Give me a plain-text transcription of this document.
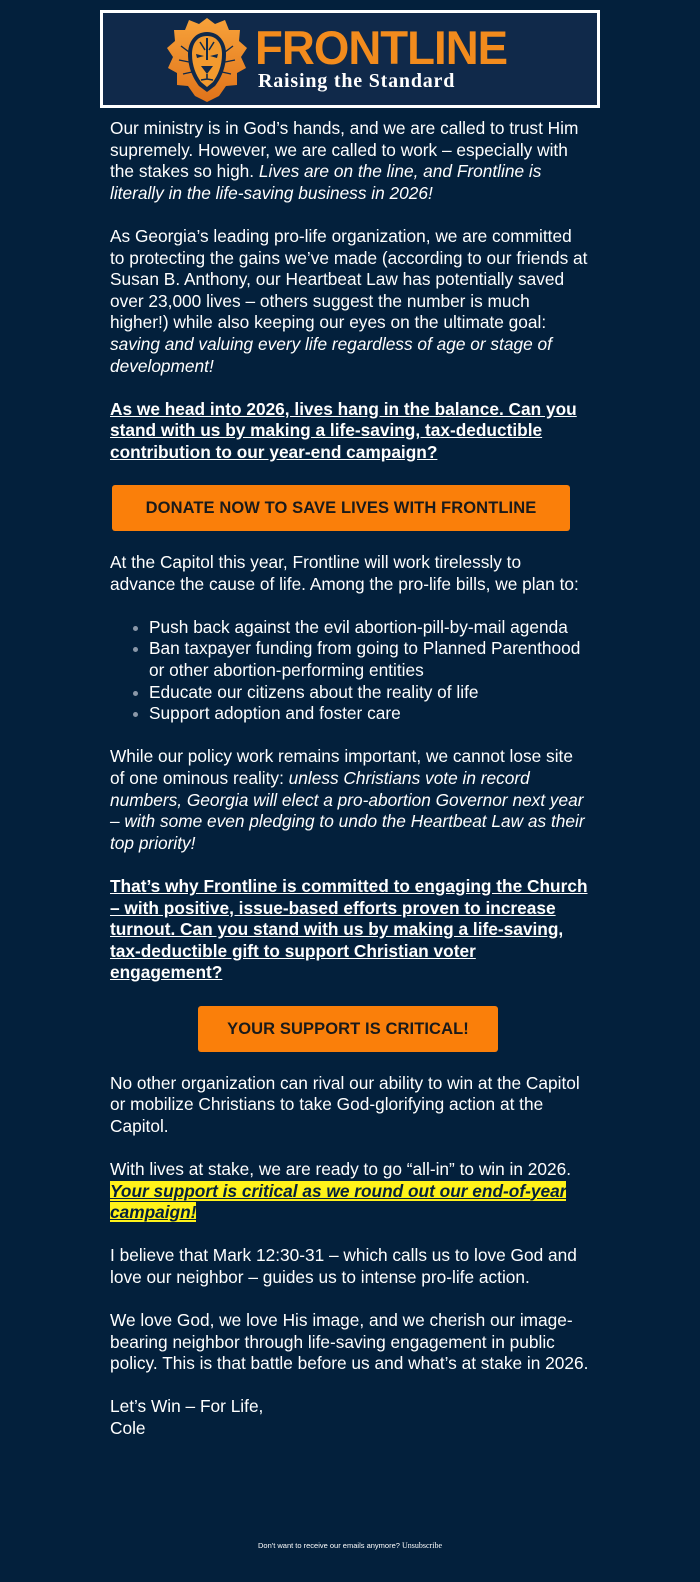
FRONTLINE
Raising the Standard

Our ministry is in God’s hands, and we are called to trust Him supremely. However, we are called to work – especially with the stakes so high. Lives are on the line, and Frontline is literally in the life-saving business in 2026!

As Georgia’s leading pro-life organization, we are committed to protecting the gains we’ve made (according to our friends at Susan B. Anthony, our Heartbeat Law has potentially saved over 23,000 lives – others suggest the number is much higher!) while also keeping our eyes on the ultimate goal: saving and valuing every life regardless of age or stage of development!

As we head into 2026, lives hang in the balance. Can you stand with us by making a life-saving, tax-deductible contribution to our year-end campaign?

DONATE NOW TO SAVE LIVES WITH FRONTLINE

At the Capitol this year, Frontline will work tirelessly to advance the cause of life. Among the pro-life bills, we plan to:

Push back against the evil abortion-pill-by-mail agenda
Ban taxpayer funding from going to Planned Parenthood or other abortion-performing entities
Educate our citizens about the reality of life
Support adoption and foster care

While our policy work remains important, we cannot lose site of one ominous reality: unless Christians vote in record numbers, Georgia will elect a pro-abortion Governor next year – with some even pledging to undo the Heartbeat Law as their top priority!

That’s why Frontline is committed to engaging the Church – with positive, issue-based efforts proven to increase turnout. Can you stand with us by making a life-saving, tax-deductible gift to support Christian voter engagement?

YOUR SUPPORT IS CRITICAL!

No other organization can rival our ability to win at the Capitol or mobilize Christians to take God-glorifying action at the Capitol.

With lives at stake, we are ready to go “all-in” to win in 2026. Your support is critical as we round out our end-of-year campaign!

I believe that Mark 12:30-31 – which calls us to love God and love our neighbor – guides us to intense pro-life action.

We love God, we love His image, and we cherish our image-bearing neighbor through life-saving engagement in public policy. This is that battle before us and what’s at stake in 2026.

Let’s Win – For Life,
Cole

Don't want to receive our emails anymore? Unsubscribe
